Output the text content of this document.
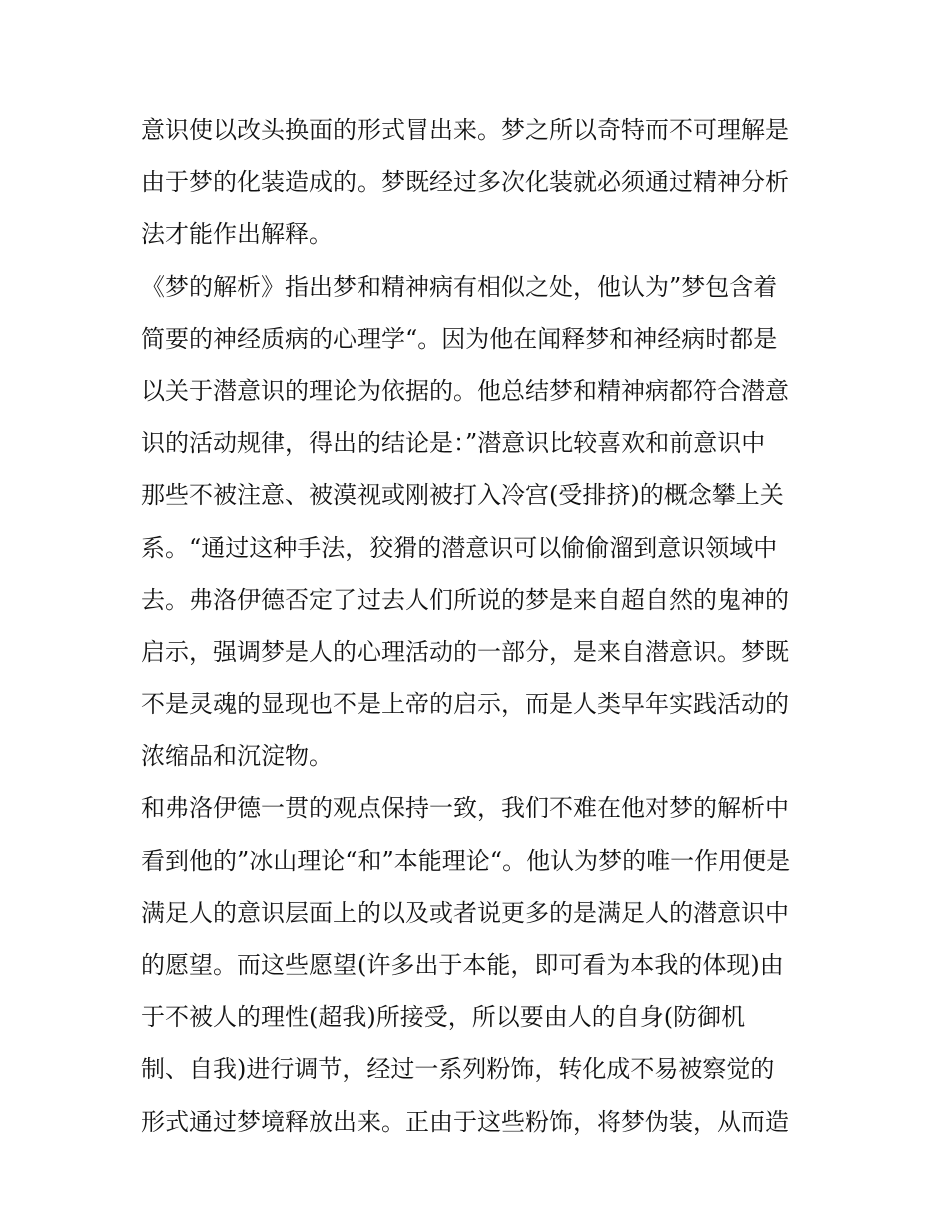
意识使以改头换面的形式冒出来。梦之所以奇特而不可理解是
由于梦的化装造成的。梦既经过多次化装就必须通过精神分析
法才能作出解释。
《梦的解析》指出梦和精神病有相似之处，他认为”梦包含着
简要的神经质病的心理学“。因为他在闻释梦和神经病时都是
以关于潜意识的理论为依据的。他总结梦和精神病都符合潜意
识的活动规律，得出的结论是：”潜意识比较喜欢和前意识中
那些不被注意、被漠视或刚被打入冷宫(受排挤)的概念攀上关
系。“通过这种手法，狡猾的潜意识可以偷偷溜到意识领域中
去。弗洛伊德否定了过去人们所说的梦是来自超自然的鬼神的
启示，强调梦是人的心理活动的一部分，是来自潜意识。梦既
不是灵魂的显现也不是上帝的启示，而是人类早年实践活动的
浓缩品和沉淀物。
和弗洛伊德一贯的观点保持一致，我们不难在他对梦的解析中
看到他的”冰山理论“和”本能理论“。他认为梦的唯一作用便是
满足人的意识层面上的以及或者说更多的是满足人的潜意识中
的愿望。而这些愿望(许多出于本能，即可看为本我的体现)由
于不被人的理性(超我)所接受，所以要由人的自身(防御机
制、自我)进行调节，经过一系列粉饰，转化成不易被察觉的
形式通过梦境释放出来。正由于这些粉饰，将梦伪装，从而造
